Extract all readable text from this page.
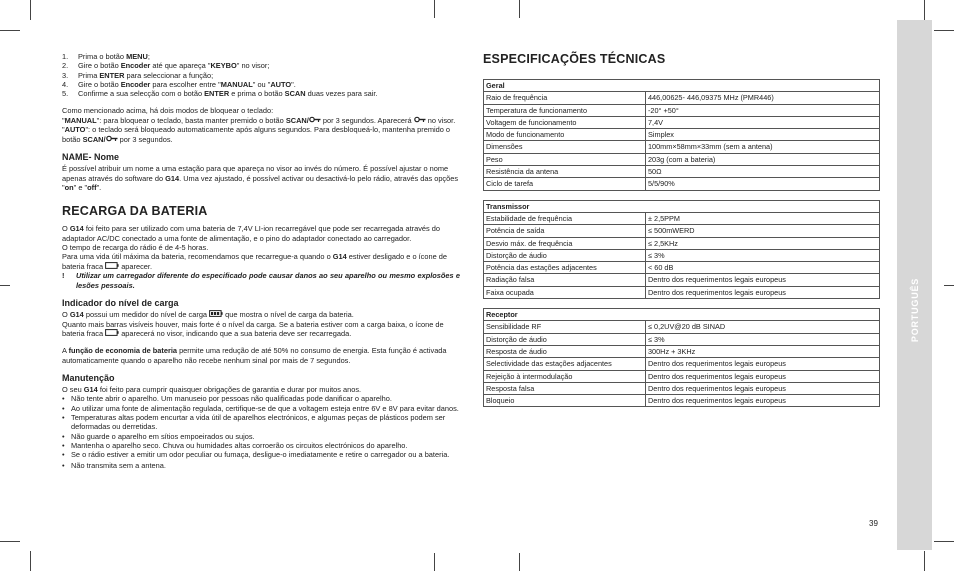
1.	Prima o botão MENU;
2.	Gire o botão Encoder até que apareça "KEYBO" no visor;
3.	Prima ENTER para seleccionar a função;
4.	Gire o botão Encoder para escolher entre "MANUAL" ou "AUTO".
5.	Confirme a sua selecção com o botão ENTER e prima o botão SCAN duas vezes para sair.

Como mencionado acima, há dois modos de bloquear o teclado:

"MANUAL": para bloquear o teclado, basta manter premido o botão SCAN/ por 3 segundos. Aparecerá  no visor.

"AUTO": o teclado será bloqueado automaticamente após alguns segundos. Para desbloqueá-lo, mantenha premido o botão SCAN/ por 3 segundos.

NAME- Nome

É possível atribuir um nome a uma estação para que apareça no visor ao invés do número. É possível ajustar o nome apenas através do software do G14. Uma vez ajustado, é possível activar ou desactivá-lo pelo rádio, através das opções "on" e "off".

RECARGA DA BATERIA

O G14 foi feito para ser utilizado com uma bateria de 7,4V LI-ion recarregável que pode ser recarregada através do adaptador AC/DC conectado a uma fonte de alimentação, e o pino do adaptador conectado ao carregador.

O tempo de recarga do rádio é de 4-5 horas.

Para uma vida útil máxima da bateria, recomendamos que recarregue-a quando o G14 estiver desligado e o ícone de bateria fraca  aparecer.

!	Utilizar um carregador diferente do especificado pode causar danos ao seu aparelho ou mesmo explosões e lesões pessoais.
Indicador do nível de carga

O G14 possui um medidor do nível de carga  que mostra o nível de carga da bateria.

Quanto mais barras visíveis houver, mais forte é o nível da carga. Se a bateria estiver com a carga baixa, o ícone de bateria fraca  aparecerá no visor, indicando que a sua bateria deve ser recarregada.

A função de economia de bateria permite uma redução de até 50% no consumo de energia. Esta função é activada automaticamente quando o aparelho não recebe nenhum sinal por mais de 7 segundos.

Manutenção

O seu G14 foi feito para cumprir quaisquer obrigações de garantia e durar por muitos anos.

• Não tente abrir o aparelho. Um manuseio por pessoas não qualificadas pode danificar o aparelho.
• Ao utilizar uma fonte de alimentação regulada, certifique-se de que a voltagem esteja entre 6V e 8V para evitar danos.
• Temperaturas altas podem encurtar a vida útil de aparelhos electrónicos, e algumas peças de plásticos podem ser deformadas ou derretidas.
• Não guarde o aparelho em sítios empoeirados ou sujos.
• Mantenha o aparelho seco. Chuva ou humidades altas corroerão os circuitos electrónicos do aparelho.
• Se o rádio estiver a emitir um odor peculiar ou fumaça, desligue-o imediatamente e retire o carregador ou a bateria.
• Não transmita sem a antena.
ESPECIFICAÇÕES TÉCNICAS
Geral	
Raio de frequência	446,00625- 446,09375 MHz (PMR446)
Temperatura de funcionamento	-20° +50°
Voltagem de funcionamento	7,4V
Modo de funcionamento	Simplex
Dimensões	100mm×58mm×33mm (sem a antena)
Peso	203g (com a bateria)
Resistência da antena	50Ω
Ciclo de tarefa	5/5/90%
Transmissor	
Estabilidade de frequência	± 2,5PPM
Potência de saída	≤ 500mWERD
Desvio máx. de frequência	≤ 2,5KHz
Distorção de áudio	≤ 3%
Potência das estações adjacentes	< 60 dB
Radiação falsa	Dentro dos requerimentos legais europeus
Faixa ocupada	Dentro dos requerimentos legais europeus
Receptor	
Sensibilidade RF	≤ 0,2UV@20 dB SINAD
Distorção de áudio	≤ 3%
Resposta de áudio	300Hz + 3KHz
Selectividade das estações adjacentes	Dentro dos requerimentos legais europeus
Rejeição à intermodulação	Dentro dos requerimentos legais europeus
Resposta falsa	Dentro dos requerimentos legais europeus
Bloqueio	Dentro dos requerimentos legais europeus
PORTUGUÊS
39
